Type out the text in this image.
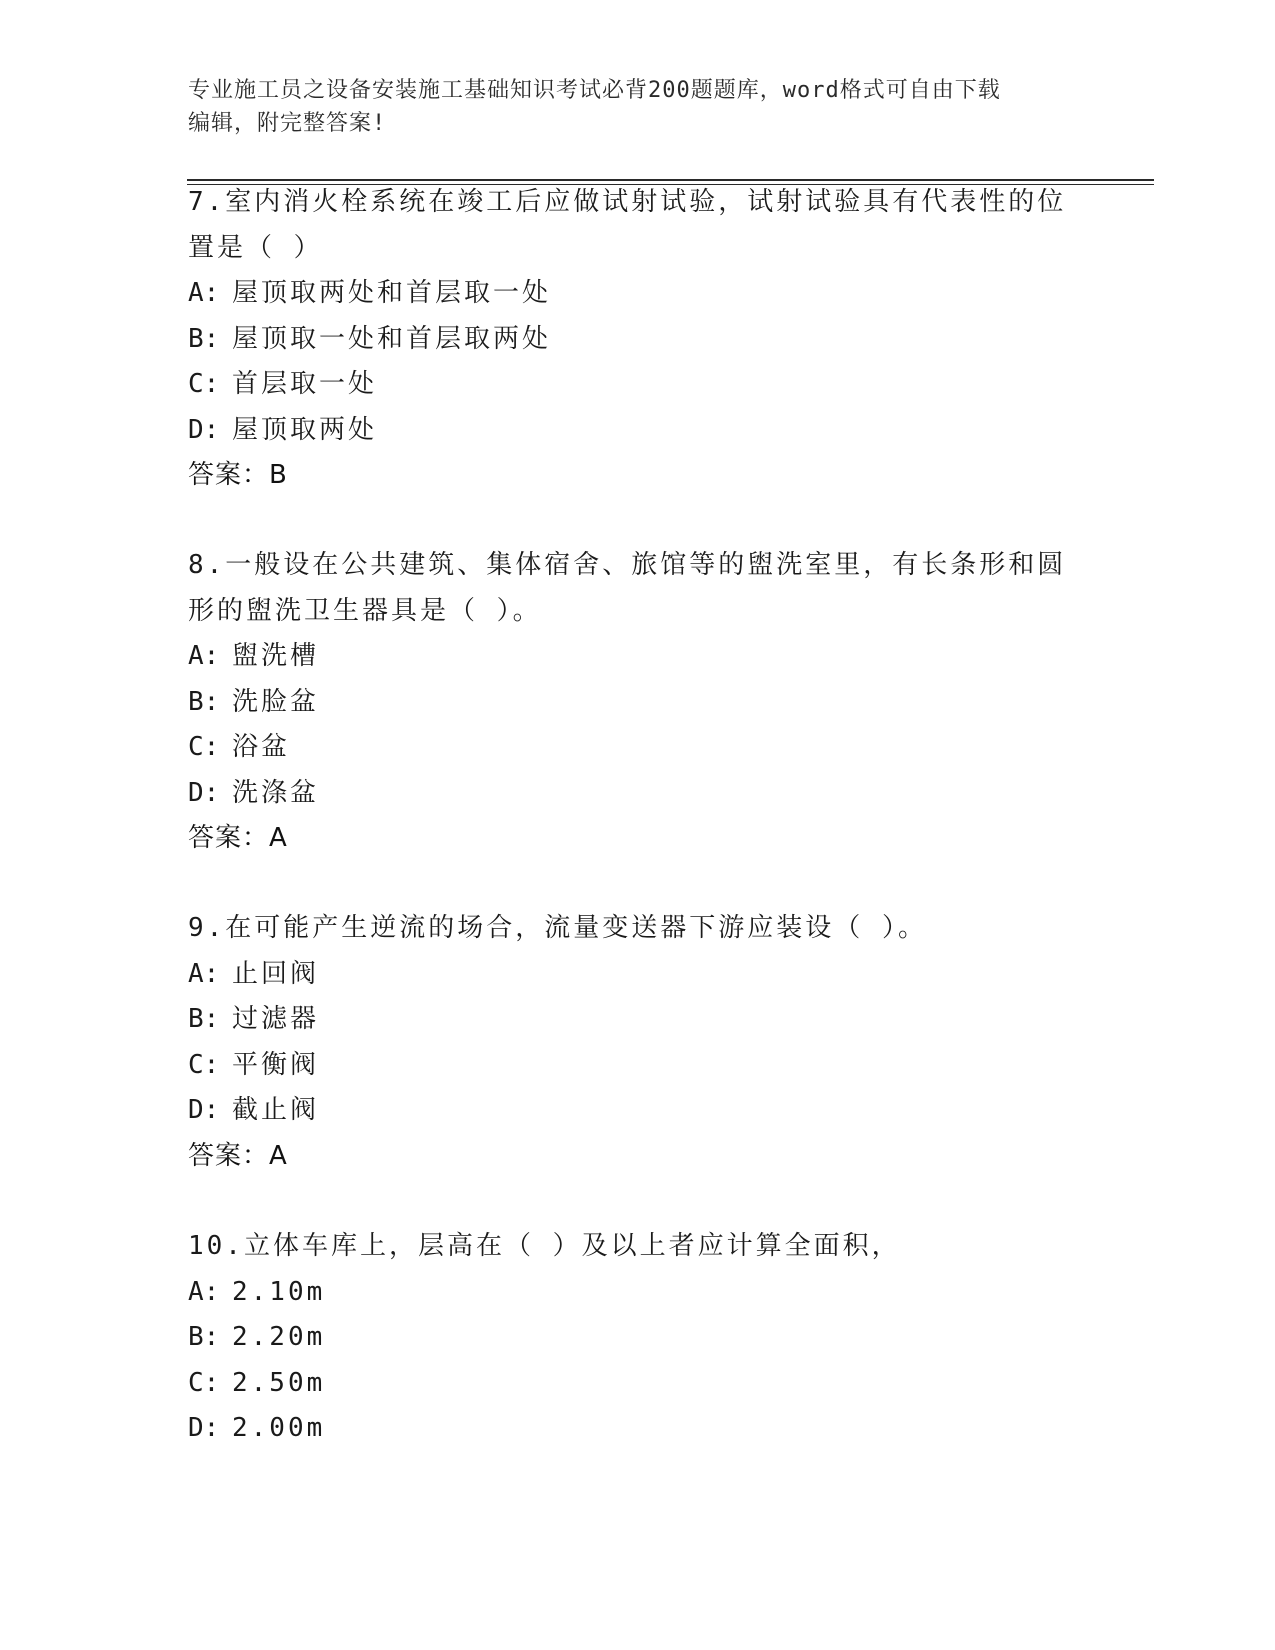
专业施工员之设备安装施工基础知识考试必背200题题库，word格式可自由下载
编辑，附完整答案!
7.室内消火栓系统在竣工后应做试射试验，试射试验具有代表性的位
置是（ ）
A: 屋顶取两处和首层取一处
B: 屋顶取一处和首层取两处
C: 首层取一处
D: 屋顶取两处
答案：B
8.一般设在公共建筑、集体宿舍、旅馆等的盥洗室里，有长条形和圆
形的盥洗卫生器具是（ ）。
A: 盥洗槽
B: 洗脸盆
C: 浴盆
D: 洗涤盆
答案：A
9.在可能产生逆流的场合，流量变送器下游应装设（ ）。
A: 止回阀
B: 过滤器
C: 平衡阀
D: 截止阀
答案：A
10.立体车库上，层高在（ ）及以上者应计算全面积，
A: 2.10m
B: 2.20m
C: 2.50m
D: 2.00m
